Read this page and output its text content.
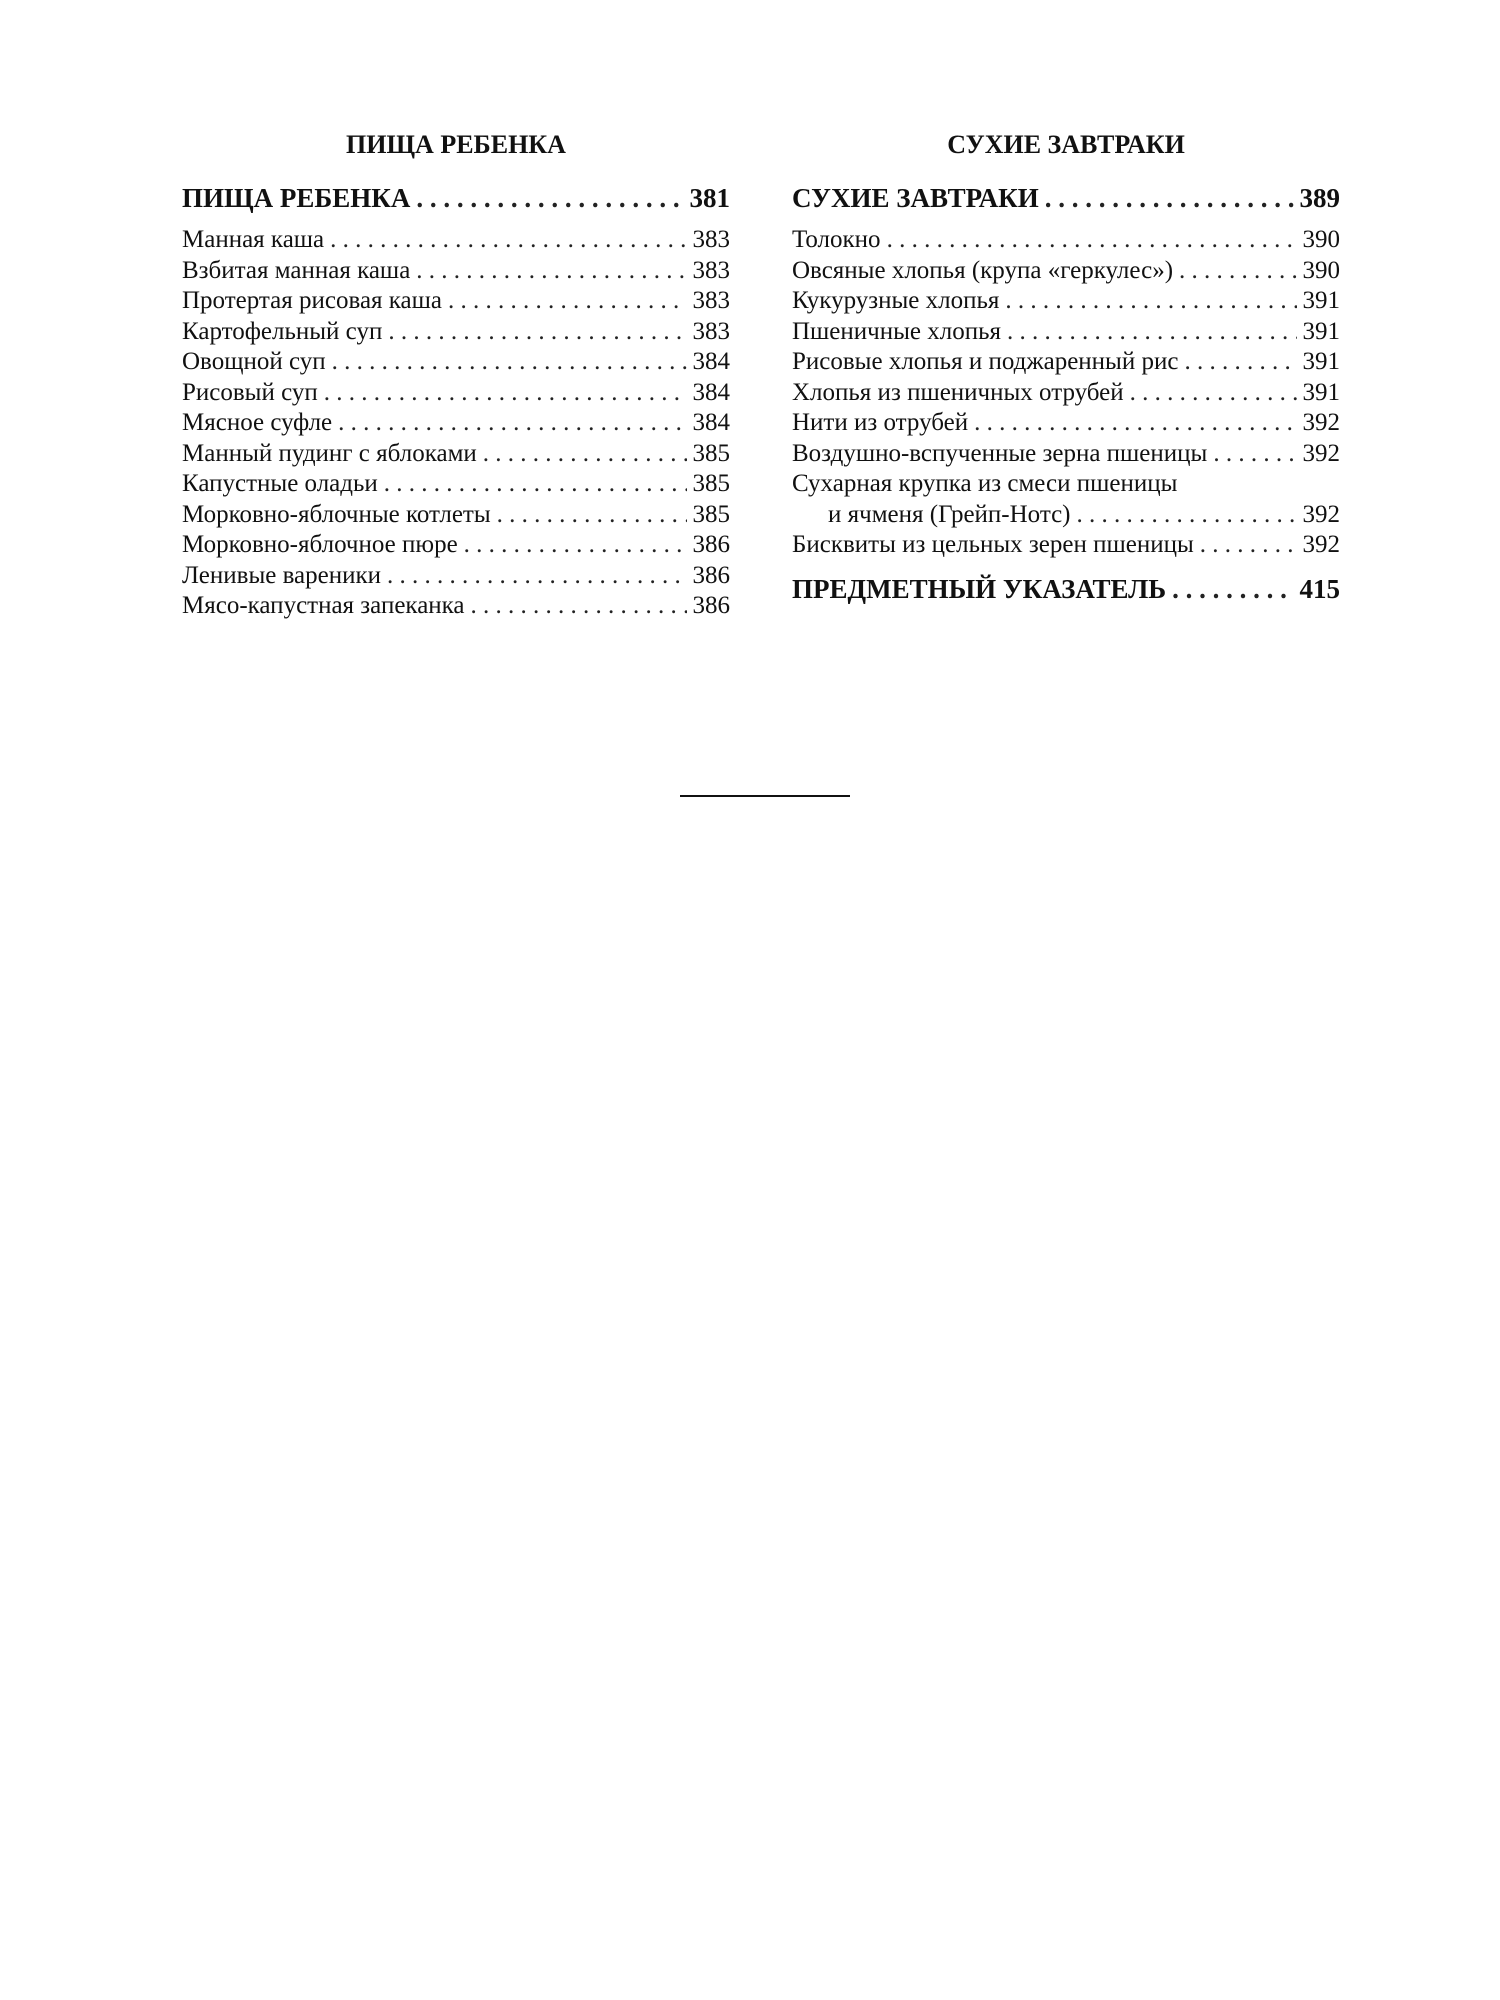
ПИЩА РЕБЕНКА
ПИЩА РЕБЕНКА . . .	381
Манная каша . . .	383
Взбитая манная каша . . .	383
Протертая рисовая каша . . .	383
Картофельный суп . . .	383
Овощной суп . . .	384
Рисовый суп . . .	384
Мясное суфле . . .	384
Манный пудинг с яблоками . . .	385
Капустные оладьи . . .	385
Морковно-яблочные котлеты . . .	385
Морковно-яблочное пюре . . .	386
Ленивые вареники . . .	386
Мясо-капустная запеканка . . .	386
СУХИЕ ЗАВТРАКИ
СУХИЕ ЗАВТРАКИ . . .	389
Толокно . . .	390
Овсяные хлопья (крупа «геркулес») . . .	390
Кукурузные хлопья . . .	391
Пшеничные хлопья . . .	391
Рисовые хлопья и поджаренный рис . . .	391
Хлопья из пшеничных отрубей . . .	391
Нити из отрубей . . .	392
Воздушно-вспученные зерна пшеницы . . .	392
Сухарная крупка из смеси пшеницы
и ячменя (Грейп-Нотс) . . .	392
Бисквиты из цельных зерен пшеницы . . .	392
ПРЕДМЕТНЫЙ УКАЗАТЕЛЬ . . .	415
